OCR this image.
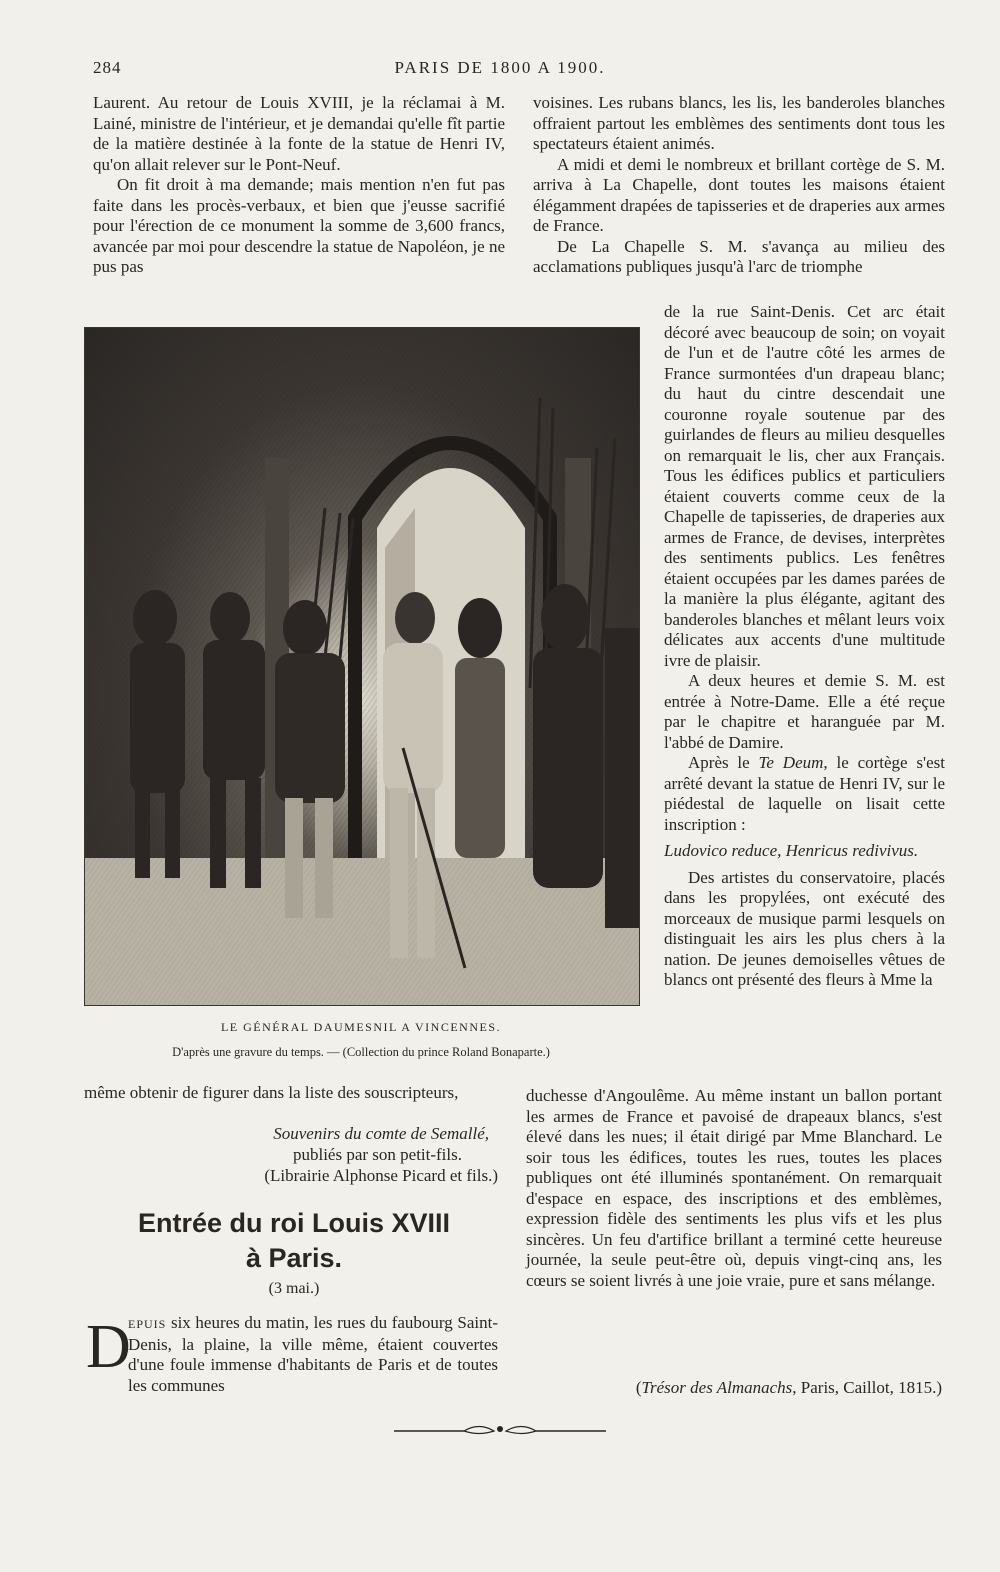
284	PARIS DE 1800 A 1900.

Laurent. Au retour de Louis XVIII, je la réclamai à M. Lainé, ministre de l'intérieur, et je demandai qu'elle fît partie de la matière destinée à la fonte de la statue de Henri IV, qu'on allait relever sur le Pont-Neuf.

On fit droit à ma demande; mais mention n'en fut pas faite dans les procès-verbaux, et bien que j'eusse sacrifié pour l'érection de ce monument la somme de 3,600 francs, avancée par moi pour descendre la statue de Napoléon, je ne pus pas

LE GÉNÉRAL DAUMESNIL A VINCENNES.
D'après une gravure du temps. — (Collection du prince Roland Bonaparte.)

même obtenir de figurer dans la liste des souscripteurs,

Souvenirs du comte de Semallé,
publiés par son petit-fils.
(Librairie Alphonse Picard et fils.)
Entrée du roi Louis XVIII
à Paris.
(3 mai.)
D

EPUIS six heures du matin, les rues du faubourg Saint-Denis, la plaine, la ville même, étaient couvertes d'une foule immense d'habitants de Paris et de toutes les communes

voisines. Les rubans blancs, les lis, les banderoles blanches offraient partout les emblèmes des sentiments dont tous les spectateurs étaient animés.

A midi et demi le nombreux et brillant cortège de S. M. arriva à La Chapelle, dont toutes les maisons étaient élégamment drapées de tapisseries et de draperies aux armes de France.

De La Chapelle S. M. s'avança au milieu des acclamations publiques jusqu'à l'arc de triomphe

de la rue Saint-Denis. Cet arc était décoré avec beaucoup de soin; on voyait de l'un et de l'autre côté les armes de France surmontées d'un drapeau blanc; du haut du cintre descendait une couronne royale soutenue par des guirlandes de fleurs au milieu desquelles on remarquait le lis, cher aux Français. Tous les édifices publics et particuliers étaient couverts comme ceux de la Chapelle de tapisseries, de draperies aux armes de France, de devises, interprètes des sentiments publics. Les fenêtres étaient occupées par les dames parées de la manière la plus élégante, agitant des banderoles blanches et mêlant leurs voix délicates aux accents d'une multitude ivre de plaisir.

A deux heures et demie S. M. est entrée à Notre-Dame. Elle a été reçue par le chapitre et haranguée par M. l'abbé de Damire.

Après le Te Deum, le cortège s'est arrêté devant la statue de Henri IV, sur le piédestal de laquelle on lisait cette inscription :

Ludovico reduce, Henricus redivivus.

Des artistes du conservatoire, placés dans les propylées, ont exécuté des morceaux de musique parmi lesquels on distinguait les airs les plus chers à la nation. De jeunes demoiselles vêtues de blancs ont présenté des fleurs à Mme la

duchesse d'Angoulême. Au même instant un ballon portant les armes de France et pavoisé de drapeaux blancs, s'est élevé dans les nues; il était dirigé par Mme Blanchard. Le soir tous les édifices, toutes les rues, toutes les places publiques ont été illuminés spontanément. On remarquait d'espace en espace, des inscriptions et des emblèmes, expression fidèle des sentiments les plus vifs et les plus sincères. Un feu d'artifice brillant a terminé cette heureuse journée, la seule peut-être où, depuis vingt-cinq ans, les cœurs se soient livrés à une joie vraie, pure et sans mélange.

(Trésor des Almanachs, Paris, Caillot, 1815.)
